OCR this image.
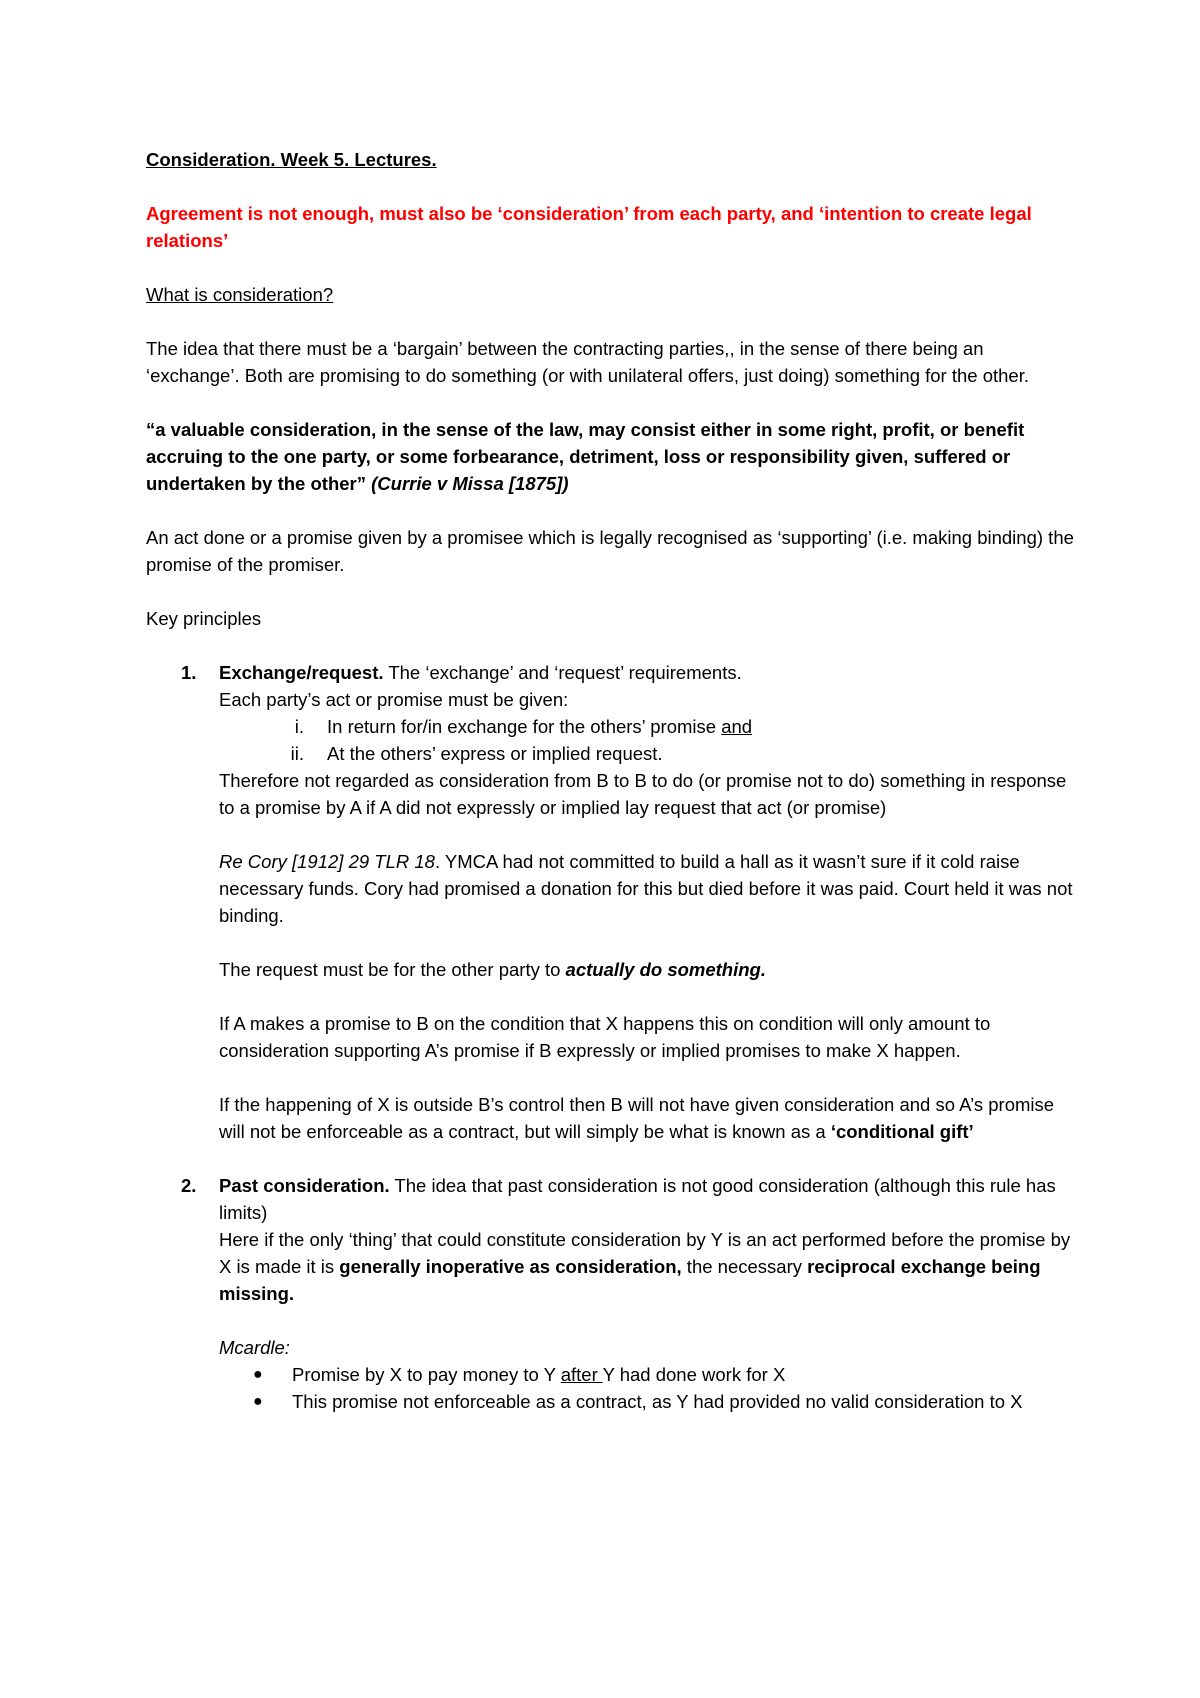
Consideration. Week 5. Lectures.

Agreement is not enough, must also be ‘consideration’ from each party, and ‘intention to create legal relations’

What is consideration?

The idea that there must be a ‘bargain’ between the contracting parties,, in the sense of there being an ‘exchange’. Both are promising to do something (or with unilateral offers, just doing) something for the other.

“a valuable consideration, in the sense of the law, may consist either in some right, profit, or benefit accruing to the one party, or some forbearance, detriment, loss or responsibility given, suffered or undertaken by the other” (Currie v Missa [1875])

An act done or a promise given by a promisee which is legally recognised as ‘supporting’ (i.e. making binding) the promise of the promiser.

Key principles

1. Exchange/request. The ‘exchange’ and ‘request’ requirements.

Each party’s act or promise must be given:

i. In return for/in exchange for the others’ promise and
ii. At the others’ express or implied request.

Therefore not regarded as consideration from B to B to do (or promise not to do) something in response to a promise by A if A did not expressly or implied lay request that act (or promise)

Re Cory [1912] 29 TLR 18. YMCA had not committed to build a hall as it wasn’t sure if it cold raise necessary funds. Cory had promised a donation for this but died before it was paid. Court held it was not binding.

The request must be for the other party to actually do something.

If A makes a promise to B on the condition that X happens this on condition will only amount to consideration supporting A’s promise if B expressly or implied promises to make X happen.

If the happening of X is outside B’s control then B will not have given consideration and so A’s promise will not be enforceable as a contract, but will simply be what is known as a ‘conditional gift’

2. Past consideration. The idea that past consideration is not good consideration (although this rule has limits)

Here if the only ‘thing’ that could constitute consideration by Y is an act performed before the promise by X is made it is generally inoperative as consideration, the necessary reciprocal exchange being missing.

Mcardle:

● Promise by X to pay money to Y after Y had done work for X
● This promise not enforceable as a contract, as Y had provided no valid consideration to X
